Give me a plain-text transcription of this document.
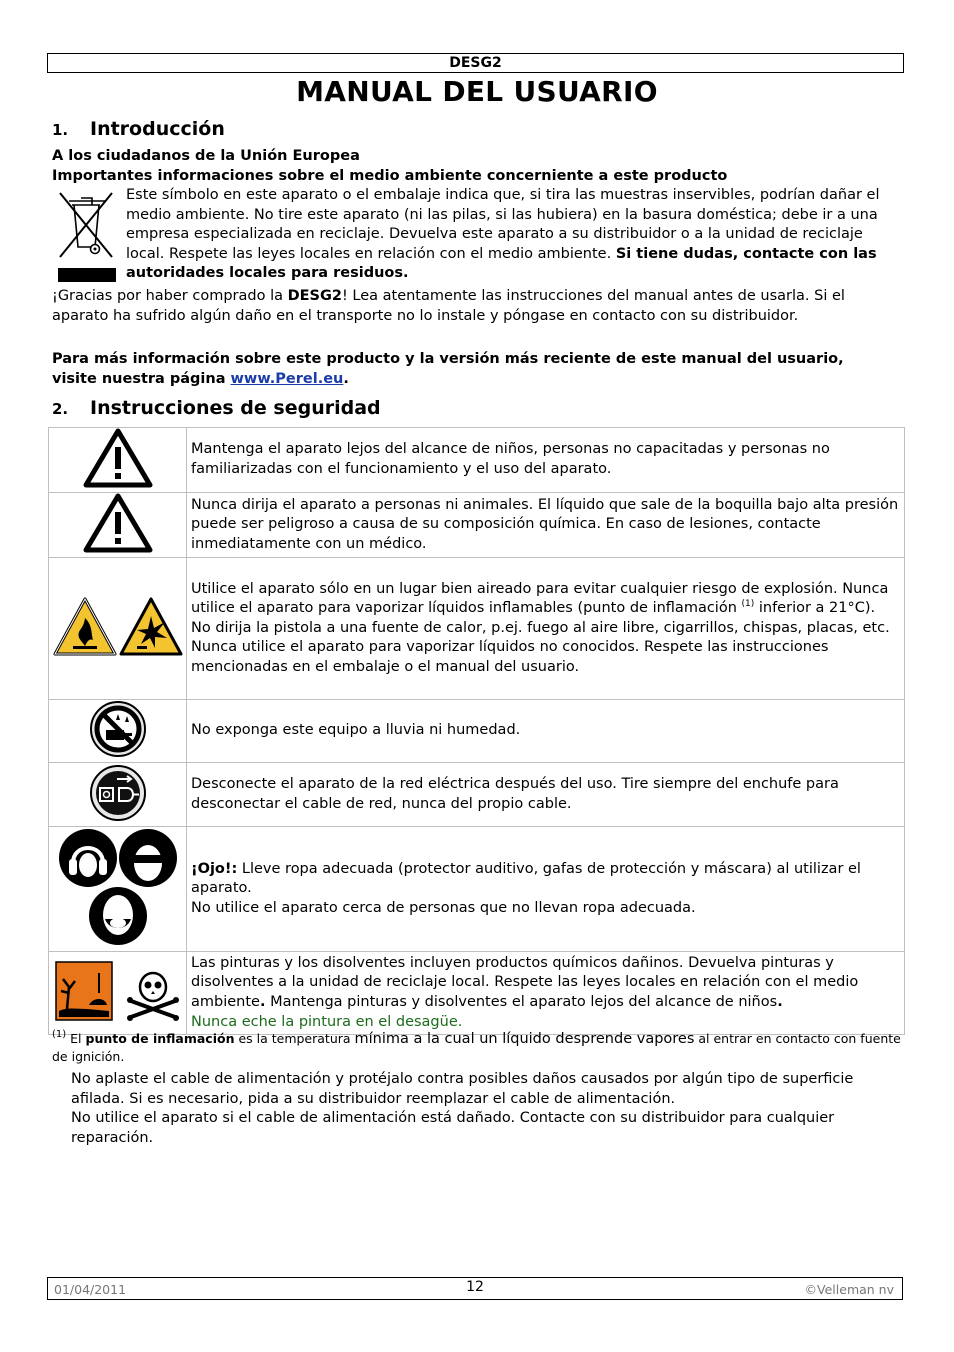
DESG2
MANUAL DEL USUARIO
1. Introducción

A los ciudadanos de la Unión Europea

Importantes informaciones sobre el medio ambiente concerniente a este producto

Este símbolo en este aparato o el embalaje indica que, si tira las muestras inservibles, podrían dañar el medio ambiente. No tire este aparato (ni las pilas, si las hubiera) en la basura doméstica; debe ir a una empresa especializada en reciclaje. Devuelva este aparato a su distribuidor o a la unidad de reciclaje local. Respete las leyes locales en relación con el medio ambiente. Si tiene dudas, contacte con las autoridades locales para residuos.

¡Gracias por haber comprado la DESG2! Lea atentamente las instrucciones del manual antes de usarla. Si el aparato ha sufrido algún daño en el transporte no lo instale y póngase en contacto con su distribuidor.

Para más información sobre este producto y la versión más reciente de este manual del usuario, visite nuestra página www.Perel.eu.

2. Instrucciones de seguridad
	Mantenga el aparato lejos del alcance de niños, personas no capacitadas y personas no familiarizadas con el funcionamiento y el uso del aparato.
	Nunca dirija el aparato a personas ni animales. El líquido que sale de la boquilla bajo alta presión puede ser peligroso a causa de su composición química. En caso de lesiones, contacte inmediatamente con un médico.

Utilice el aparato sólo en un lugar bien aireado para evitar cualquier riesgo de explosión. Nunca utilice el aparato para vaporizar líquidos inflamables (punto de inflamación $^{(1)}$ inferior a 21°C).
No dirija la pistola a una fuente de calor, p.ej. fuego al aire libre, cigarrillos, chispas, placas, etc.
Nunca utilice el aparato para vaporizar líquidos no conocidos. Respete las instrucciones mencionadas en el embalaje o el manual del usuario.

	No exponga este equipo a lluvia ni humedad.
	Desconecte el aparato de la red eléctrica después del uso. Tire siempre del enchufe para desconectar el cable de red, nunca del propio cable.

¡Ojo!: Lleve ropa adecuada (protector auditivo, gafas de protección y máscara) al utilizar el aparato.
No utilice el aparato cerca de personas que no llevan ropa adecuada.

Las pinturas y los disolventes incluyen productos químicos dañinos. Devuelva pinturas y disolventes a la unidad de reciclaje local. Respete las leyes locales en relación con el medio ambiente. Mantenga pinturas y disolventes el aparato lejos del alcance de niños.
Nunca eche la pintura en el desagüe.
$^{(1)}$ El punto de inflamación es la temperatura mínima a la cual un líquido desprende vapores al entrar en contacto con fuente de ignición.

No aplaste el cable de alimentación y protéjalo contra posibles daños causados por algún tipo de superficie afilada. Si es necesario, pida a su distribuidor reemplazar el cable de alimentación.

No utilice el aparato si el cable de alimentación está dañado. Contacte con su distribuidor para cualquier reparación.

01/04/2011	12	©Velleman nv
